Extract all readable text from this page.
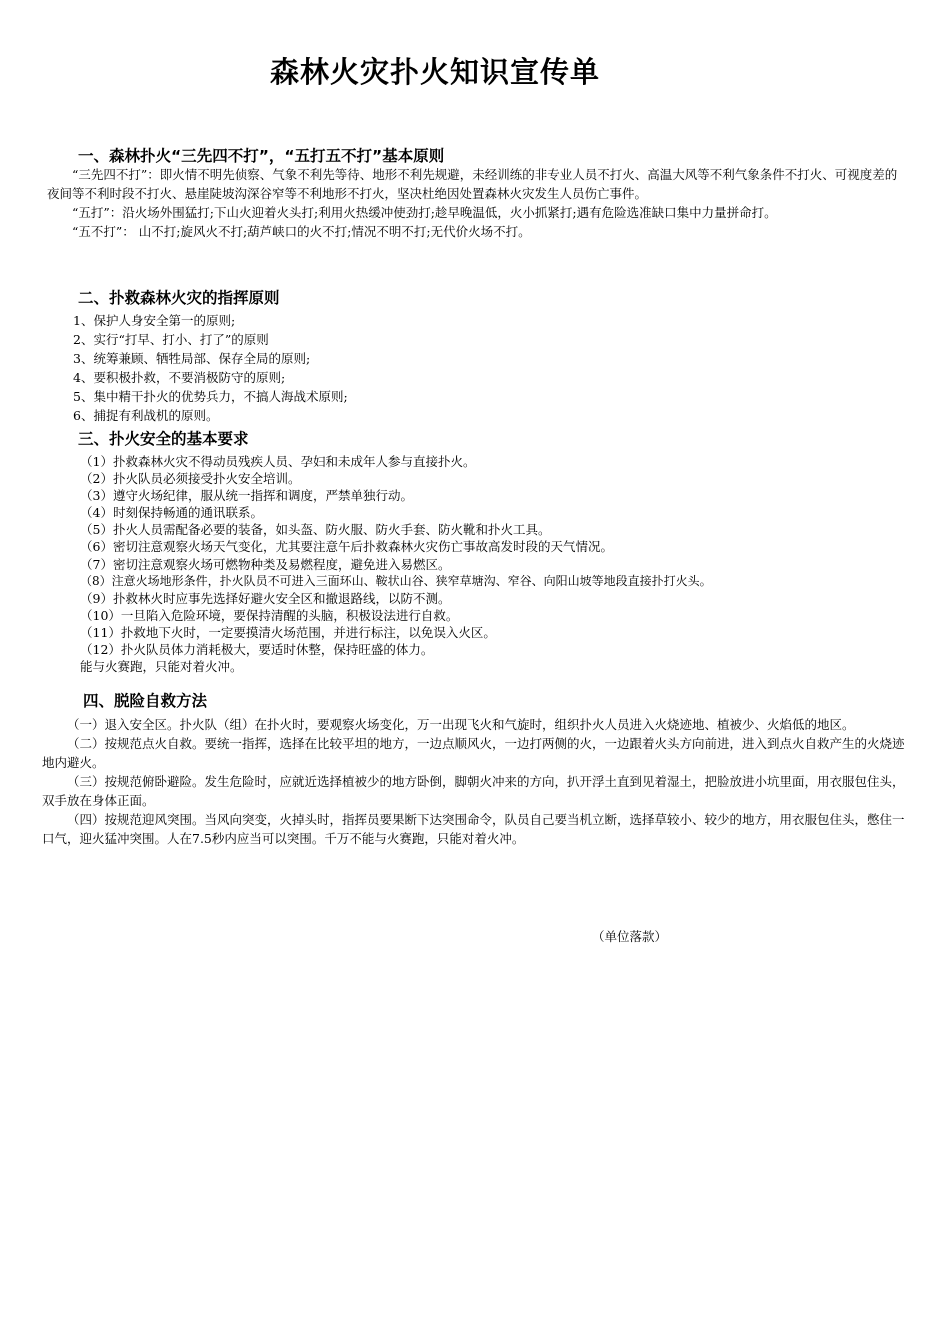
森林火灾扑火知识宣传单
一、森林扑火“三先四不打”，“五打五不打”基本原则

“三先四不打”：即火情不明先侦察、气象不利先等待、地形不利先规避，未经训练的非专业人员不打火、高温大风等不利气象条件不打火、可视度差的夜间等不利时段不打火、悬崖陡坡沟深谷窄等不利地形不打火，坚决杜绝因处置森林火灾发生人员伤亡事件。

“五打”：沿火场外围猛打;下山火迎着火头打;利用火热缓冲使劲打;趁早晚温低，火小抓紧打;遇有危险选准缺口集中力量拼命打。

“五不打”： 山不打;旋风火不打;葫芦峡口的火不打;情况不明不打;无代价火场不打。

二、扑救森林火灾的指挥原则
1、保护人身安全第一的原则;
2、实行“打早、打小、打了”的原则
3、统筹兼顾、牺牲局部、保存全局的原则;
4、要积极扑救，不要消极防守的原则;
5、集中精干扑火的优势兵力，不搞人海战术原则;
6、捕捉有利战机的原则。
三、扑火安全的基本要求
（1）扑救森林火灾不得动员残疾人员、孕妇和未成年人参与直接扑火。
（2）扑火队员必须接受扑火安全培训。
（3）遵守火场纪律，服从统一指挥和调度，严禁单独行动。
（4）时刻保持畅通的通讯联系。
（5）扑火人员需配备必要的装备，如头盔、防火服、防火手套、防火靴和扑火工具。
（6）密切注意观察火场天气变化，尤其要注意午后扑救森林火灾伤亡事故高发时段的天气情况。
（7）密切注意观察火场可燃物种类及易燃程度，避免进入易燃区。
（8）注意火场地形条件，扑火队员不可进入三面环山、鞍状山谷、狭窄草塘沟、窄谷、向阳山坡等地段直接扑打火头。
（9）扑救林火时应事先选择好避火安全区和撤退路线，以防不测。
（10）一旦陷入危险环境，要保持清醒的头脑，积极设法进行自救。
（11）扑救地下火时，一定要摸清火场范围，并进行标注，以免误入火区。
（12）扑火队员体力消耗极大，要适时休整，保持旺盛的体力。
能与火赛跑，只能对着火冲。
四、脱险自救方法

（一）退入安全区。扑火队（组）在扑火时，要观察火场变化，万一出现飞火和气旋时，组织扑火人员进入火烧迹地、植被少、火焰低的地区。

（二）按规范点火自救。要统一指挥，选择在比较平坦的地方，一边点顺风火，一边打两侧的火，一边跟着火头方向前进，进入到点火自救产生的火烧迹地内避火。

（三）按规范俯卧避险。发生危险时，应就近选择植被少的地方卧倒，脚朝火冲来的方向，扒开浮土直到见着湿土，把脸放进小坑里面，用衣服包住头，双手放在身体正面。

（四）按规范迎风突围。当风向突变，火掉头时，指挥员要果断下达突围命令，队员自己要当机立断，选择草较小、较少的地方，用衣服包住头，憋住一口气，迎火猛冲突围。人在7.5秒内应当可以突围。千万不能与火赛跑，只能对着火冲。

（单位落款）
